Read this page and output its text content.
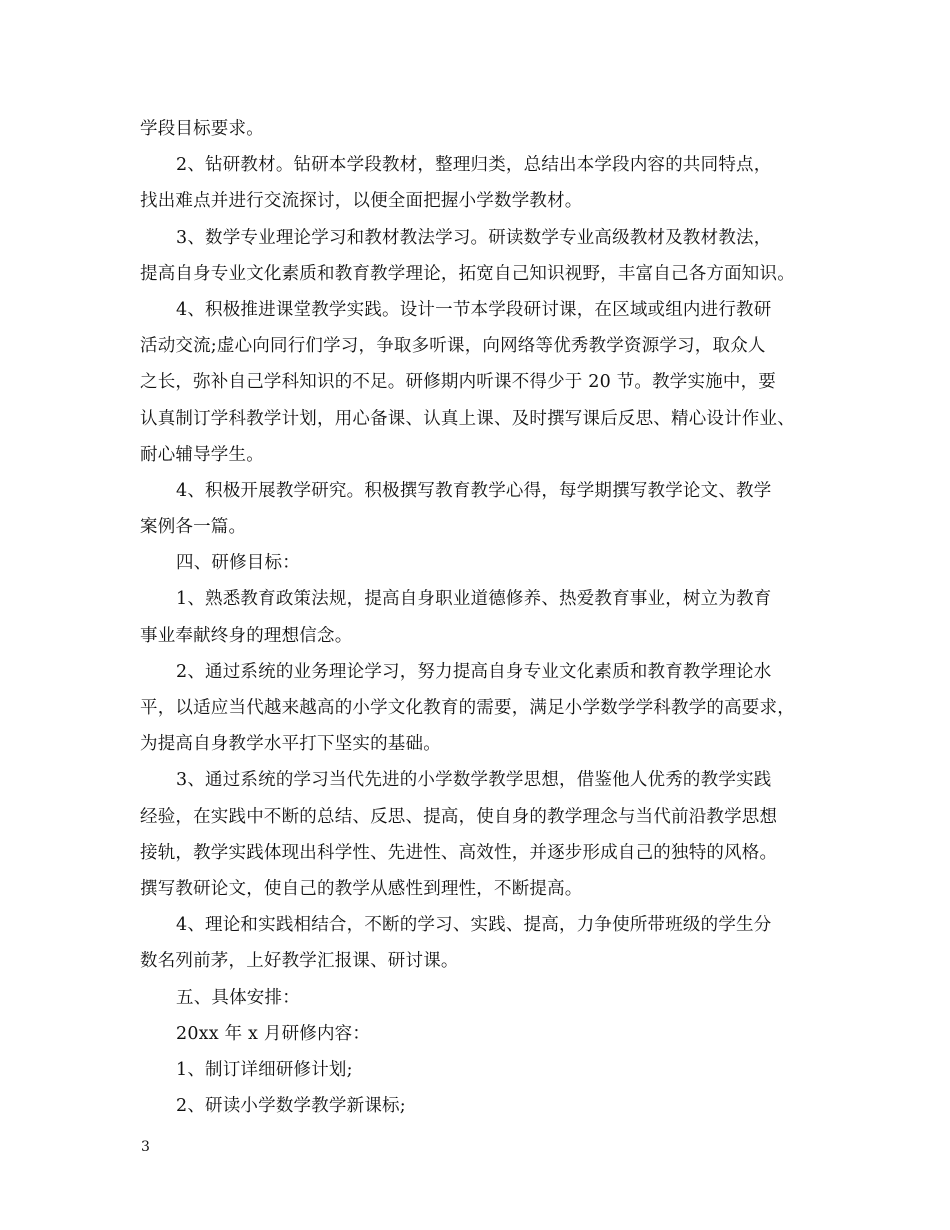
学段目标要求。
2、钻研教材。钻研本学段教材，整理归类，总结出本学段内容的共同特点，
找出难点并进行交流探讨，以便全面把握小学数学教材。
3、数学专业理论学习和教材教法学习。研读数学专业高级教材及教材教法，
提高自身专业文化素质和教育教学理论，拓宽自己知识视野，丰富自己各方面知识。
4、积极推进课堂教学实践。设计一节本学段研讨课，在区域或组内进行教研
活动交流;虚心向同行们学习，争取多听课，向网络等优秀教学资源学习，取众人
之长，弥补自己学科知识的不足。研修期内听课不得少于 20 节。教学实施中，要
认真制订学科教学计划，用心备课、认真上课、及时撰写课后反思、精心设计作业、
耐心辅导学生。
4、积极开展教学研究。积极撰写教育教学心得，每学期撰写教学论文、教学
案例各一篇。
四、研修目标：
1、熟悉教育政策法规，提高自身职业道德修养、热爱教育事业，树立为教育
事业奉献终身的理想信念。
2、通过系统的业务理论学习，努力提高自身专业文化素质和教育教学理论水
平，以适应当代越来越高的小学文化教育的需要，满足小学数学学科教学的高要求，
为提高自身教学水平打下坚实的基础。
3、通过系统的学习当代先进的小学数学教学思想，借鉴他人优秀的教学实践
经验，在实践中不断的总结、反思、提高，使自身的教学理念与当代前沿教学思想
接轨，教学实践体现出科学性、先进性、高效性，并逐步形成自己的独特的风格。
撰写教研论文，使自己的教学从感性到理性，不断提高。
4、理论和实践相结合，不断的学习、实践、提高，力争使所带班级的学生分
数名列前茅，上好教学汇报课、研讨课。
五、具体安排：
20xx 年 x 月研修内容：
1、制订详细研修计划;
2、研读小学数学教学新课标;
3
